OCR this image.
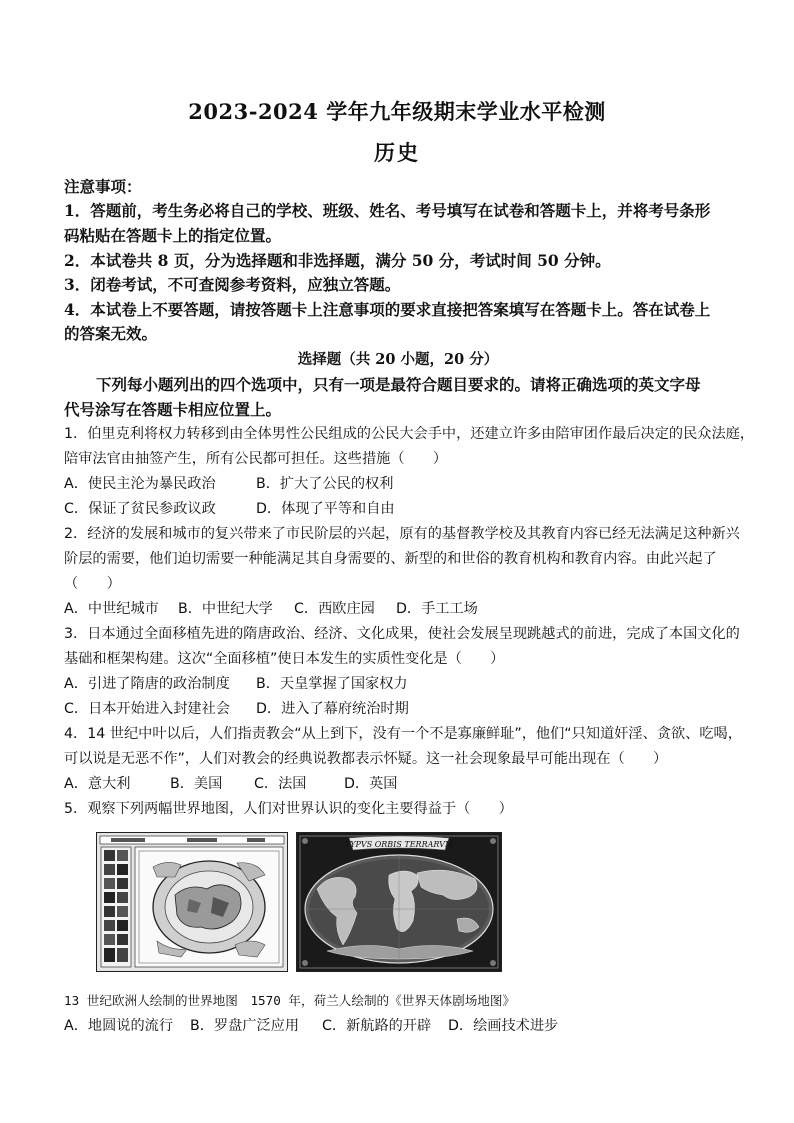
2023-2024 学年九年级期末学业水平检测
历史
注意事项：
1．答题前，考生务必将自己的学校、班级、姓名、考号填写在试卷和答题卡上，并将考号条形
码粘贴在答题卡上的指定位置。
2．本试卷共 8 页，分为选择题和非选择题，满分 50 分，考试时间 50 分钟。
3．闭卷考试，不可查阅参考资料，应独立答题。
4．本试卷上不要答题，请按答题卡上注意事项的要求直接把答案填写在答题卡上。答在试卷上
的答案无效。
选择题（共 20 小题，20 分）
下列每小题列出的四个选项中，只有一项是最符合题目要求的。请将正确选项的英文字母
代号涂写在答题卡相应位置上。
1．伯里克利将权力转移到由全体男性公民组成的公民大会手中，还建立许多由陪审团作最后决定的民众法庭，
陪审法官由抽签产生，所有公民都可担任。这些措施（　　）
A．使民主沦为暴民政治	B．扩大了公民的权利
C．保证了贫民参政议政	D．体现了平等和自由
2．经济的发展和城市的复兴带来了市民阶层的兴起，原有的基督教学校及其教育内容已经无法满足这种新兴
阶层的需要，他们迫切需要一种能满足其自身需要的、新型的和世俗的教育机构和教育内容。由此兴起了
（　　）
A．中世纪城市 B．中世纪大学 C．西欧庄园 D．手工工场
3．日本通过全面移植先进的隋唐政治、经济、文化成果，使社会发展呈现跳越式的前进，完成了本国文化的
基础和框架构建。这次“全面移植”使日本发生的实质性变化是（　　）
A．引进了隋唐的政治制度 B．天皇掌握了国家权力
C．日本开始进入封建社会 D．进入了幕府统治时期
4．14 世纪中叶以后，人们指责教会“从上到下，没有一个不是寡廉鲜耻”，他们“只知道奸淫、贪欲、吃喝，
可以说是无恶不作”，人们对教会的经典说教都表示怀疑。这一社会现象最早可能出现在（　　）
A．意大利	B．美国 C．法国	D．英国
5．观察下列两幅世界地图，人们对世界认识的变化主要得益于（　　）
TYPVS ORBIS TERRARVM
13 世纪欧洲人绘制的世界地图　1570 年，荷兰人绘制的《世界天体剧场地图》
A．地圆说的流行 B．罗盘广泛应用 C．新航路的开辟 D．绘画技术进步
